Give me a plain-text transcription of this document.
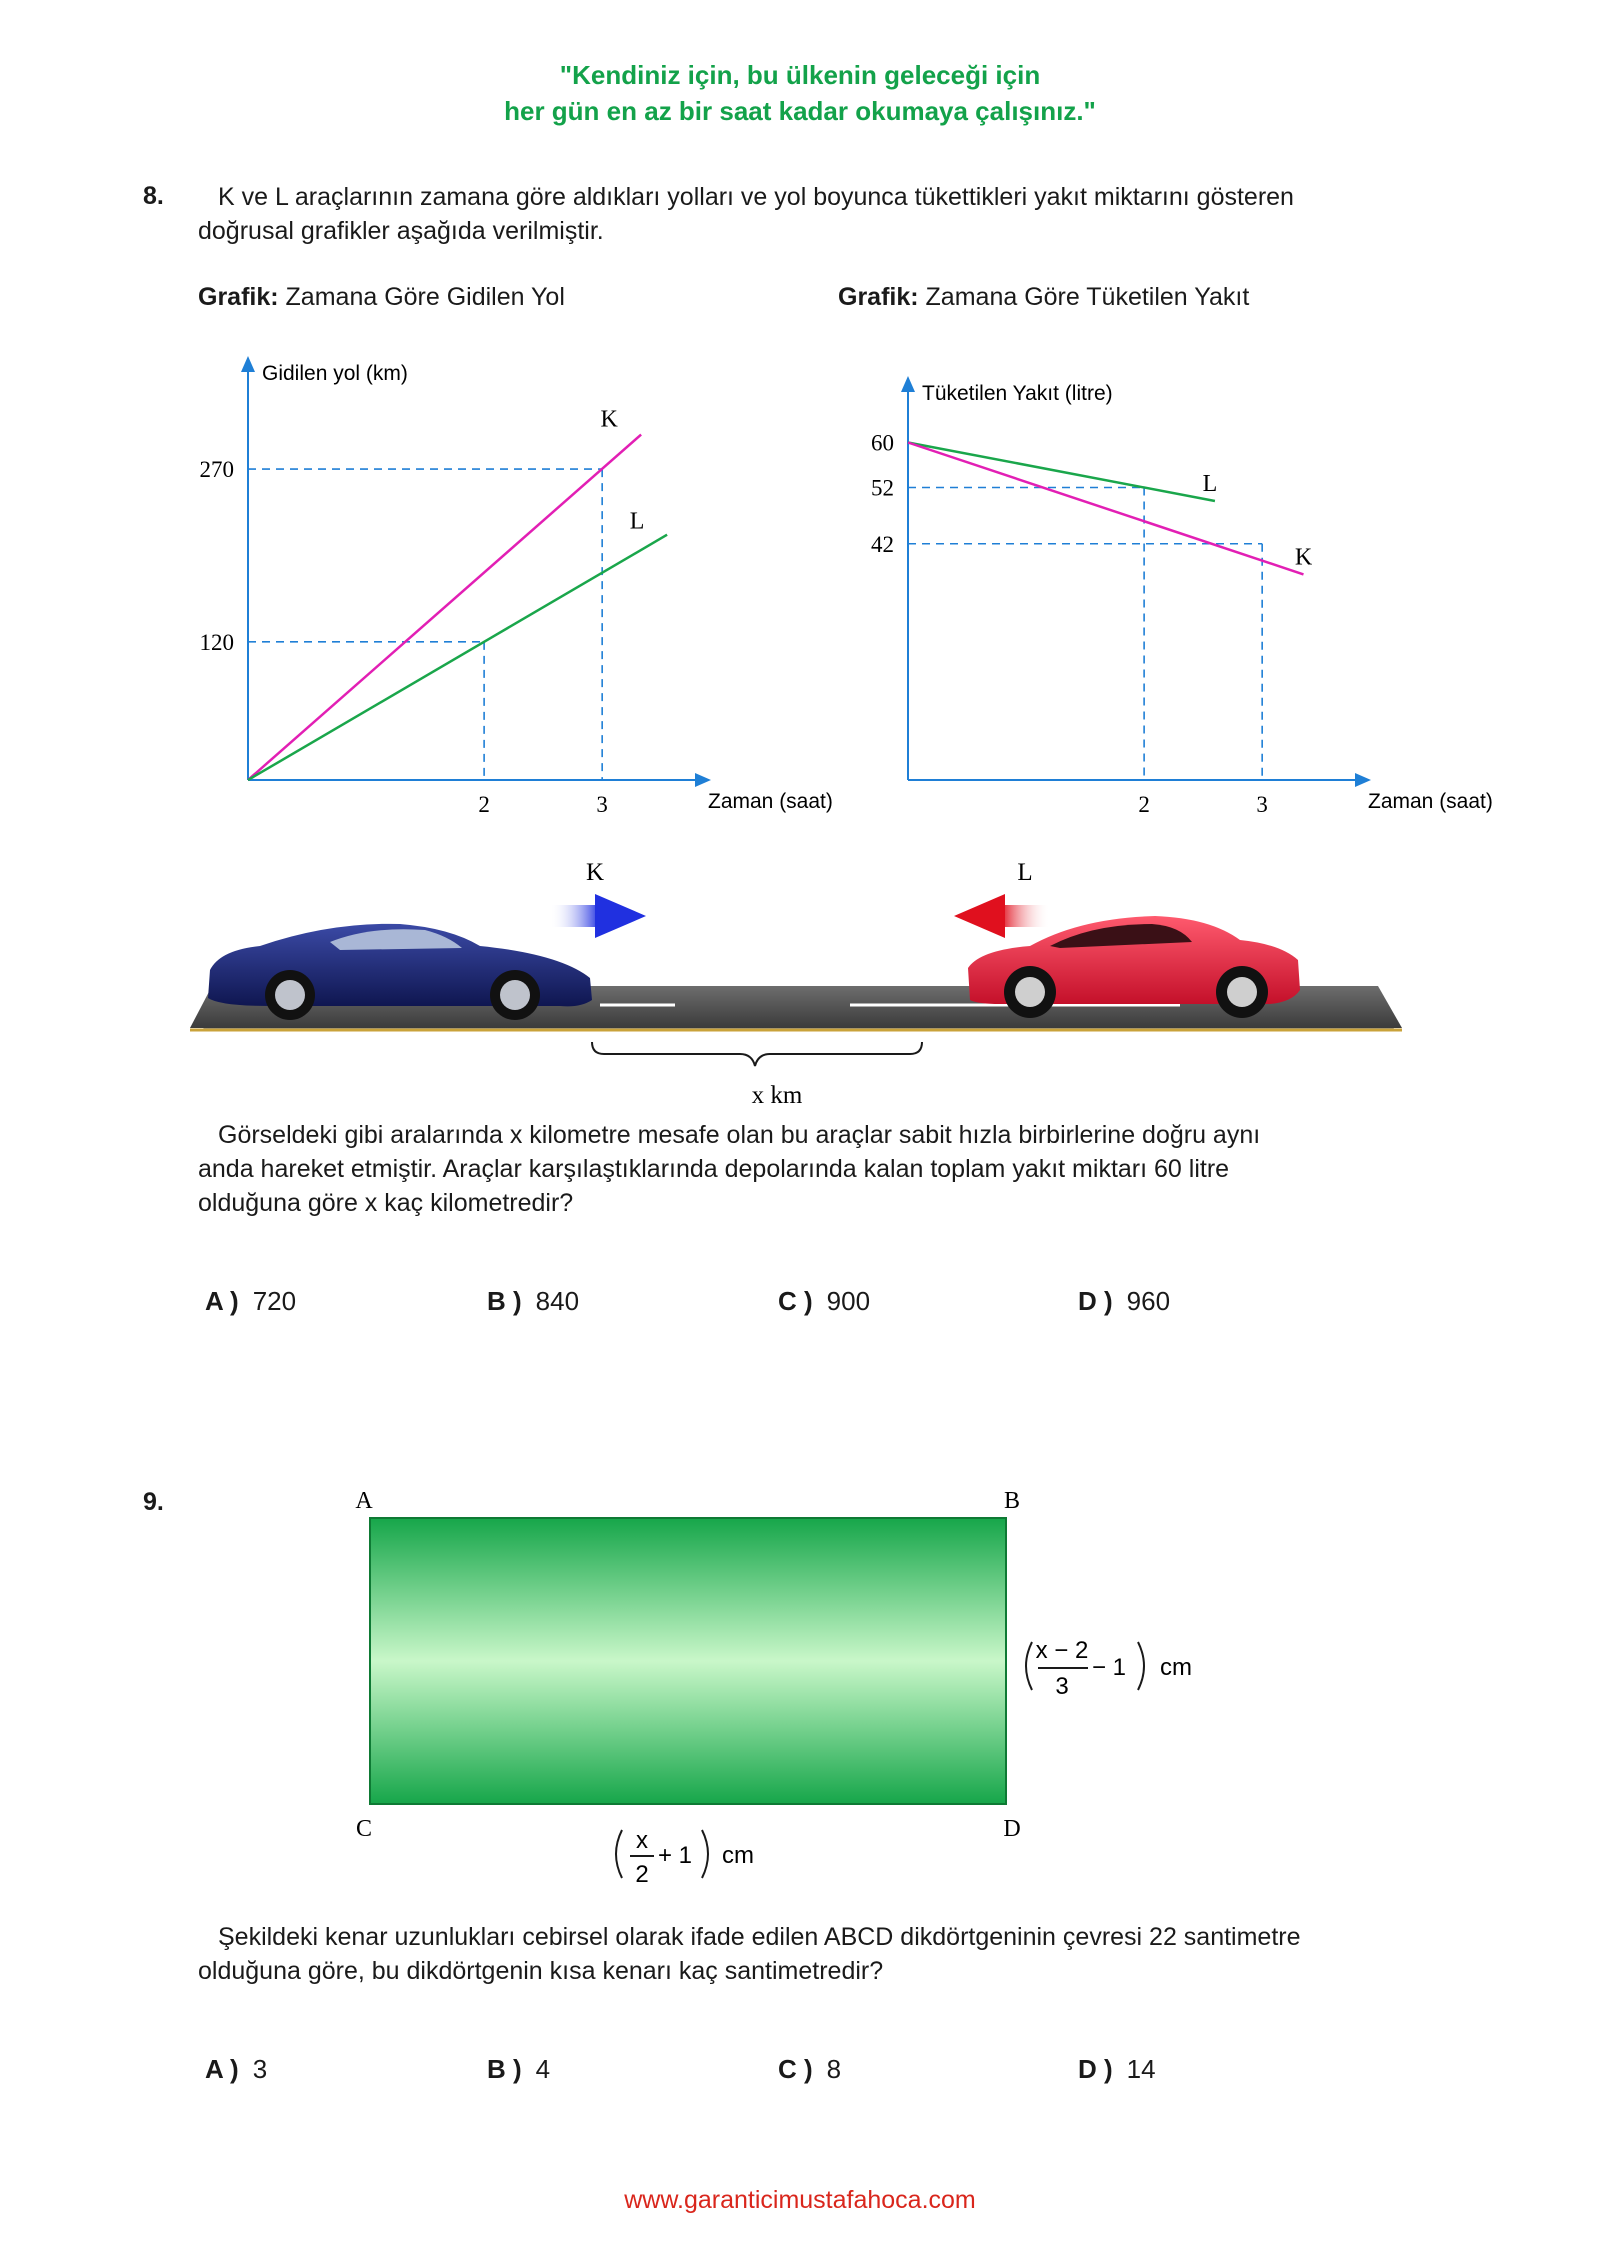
"Kendiniz için, bu ülkenin geleceği için
her gün en az bir saat kadar okumaya çalışınız."
8. K ve L araçlarının zamana göre aldıkları yolları ve yol boyunca tükettikleri yakıt miktarını gösteren
doğrusal grafikler aşağıda verilmiştir.
Grafik: Zamana Göre Gidilen Yol	Grafik: Zamana Göre Tüketilen Yakıt
Gidilen yol (km)
Zaman (saat)
2	3
120
270
K
L
Tüketilen Yakıt (litre)
Zaman (saat)
2	3
42
52
60
L
K
K	L
x km
Görseldeki gibi aralarında x kilometre mesafe olan bu araçlar sabit hızla birbirlerine doğru aynı
anda hareket etmiştir. Araçlar karşılaştıklarında depolarında kalan toplam yakıt miktarı 60 litre
olduğuna göre x kaç kilometredir?
A ) 720	B ) 840	C ) 900	D ) 960
9.	A	B
C	D
x − 2
3
− 1 cm
x
2
+ 1 cm
Şekildeki kenar uzunlukları cebirsel olarak ifade edilen ABCD dikdörtgeninin çevresi 22 santimetre
olduğuna göre, bu dikdörtgenin kısa kenarı kaç santimetredir?
A ) 3	B ) 4	C ) 8	D ) 14
www.garanticimustafahoca.com
